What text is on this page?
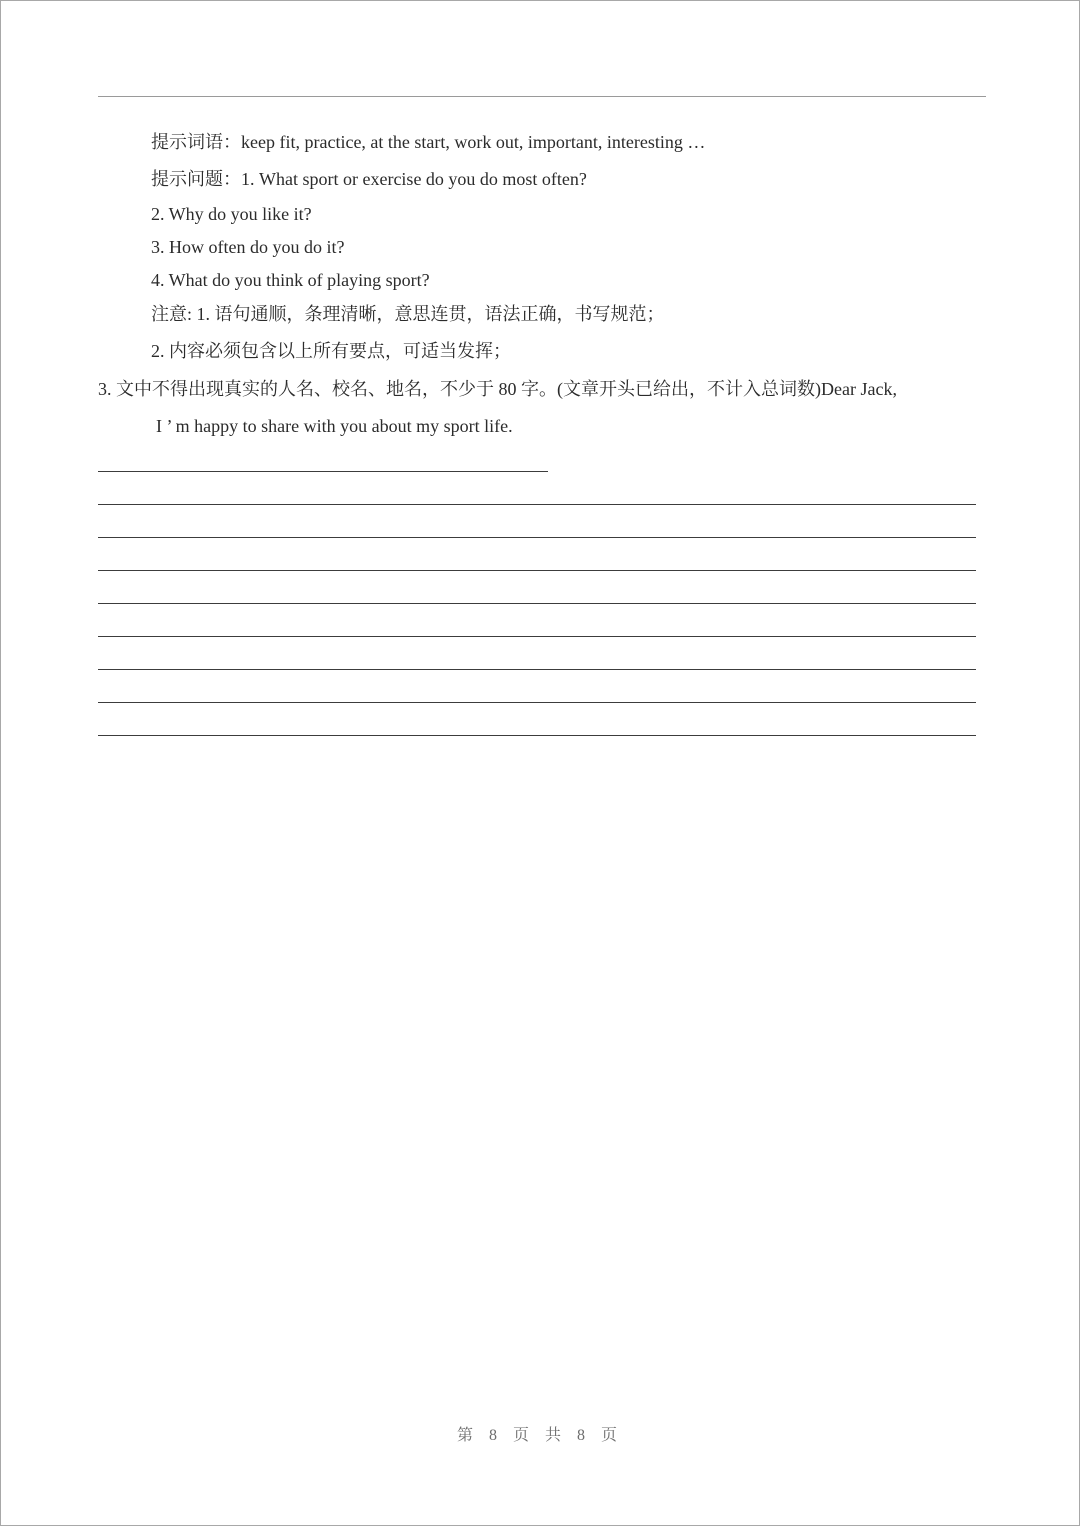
提示词语：keep fit, practice, at the start, work out, important, interesting …
提示问题：1. What sport or exercise do you do most often?
2. Why do you like it?
3. How often do you do it?
4. What do you think of playing sport?
注意: 1. 语句通顺，条理清晰，意思连贯，语法正确，书写规范；
2. 内容必须包含以上所有要点，可适当发挥；
3. 文中不得出现真实的人名、校名、地名，不少于 80 字。(文章开头已给出，不计入总词数)Dear Jack,
I ’ m happy to share with you about my sport life.
第 8 页 共 8 页
